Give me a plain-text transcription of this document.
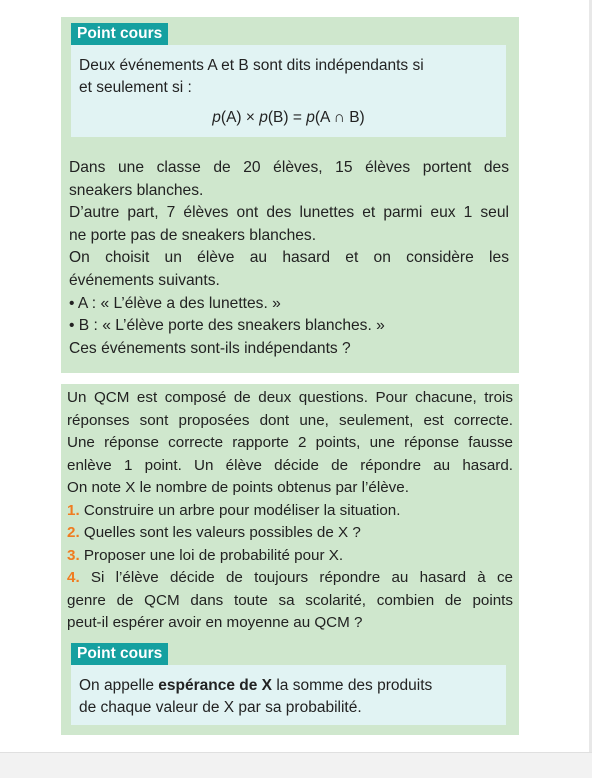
Point cours
Deux événements A et B sont dits indépendants si
et seulement si :
p(A) × p(B) = p(A ∩ B)
Dans une classe de 20 élèves, 15 élèves portent des
sneakers blanches.
D’autre part, 7 élèves ont des lunettes et parmi eux 1 seul
ne porte pas de sneakers blanches.
On choisit un élève au hasard et on considère les
événements suivants.
• A : « L’élève a des lunettes. »
• B : « L’élève porte des sneakers blanches. »
Ces événements sont-ils indépendants ?
Un QCM est composé de deux questions. Pour chacune, trois
réponses sont proposées dont une, seulement, est correcte.
Une réponse correcte rapporte 2 points, une réponse fausse
enlève 1 point. Un élève décide de répondre au hasard.
On note X le nombre de points obtenus par l’élève.
1. Construire un arbre pour modéliser la situation.
2. Quelles sont les valeurs possibles de X ?
3. Proposer une loi de probabilité pour X.
4. Si l’élève décide de toujours répondre au hasard à ce
genre de QCM dans toute sa scolarité, combien de points
peut-il espérer avoir en moyenne au QCM ?
Point cours
On appelle espérance de X la somme des produits
de chaque valeur de X par sa probabilité.
